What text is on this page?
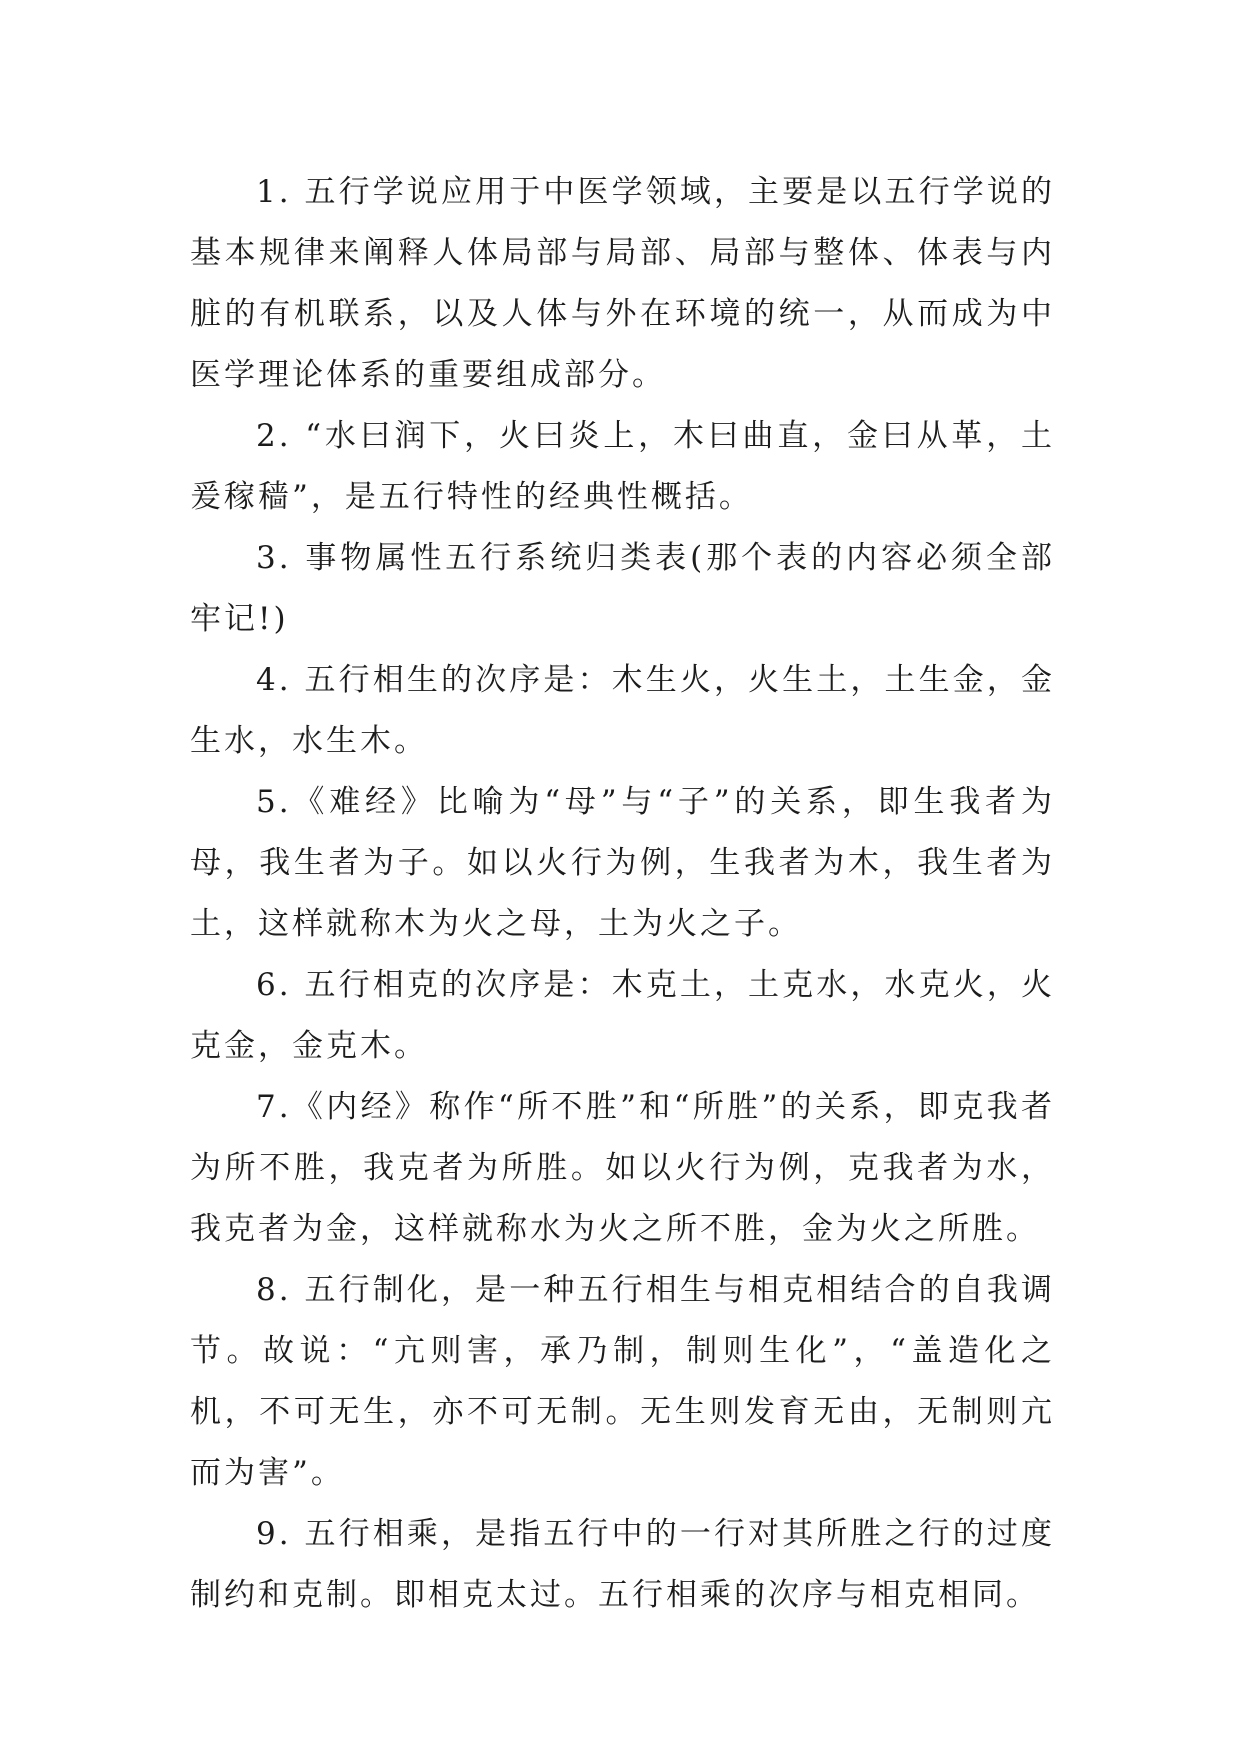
1. 五行学说应用于中医学领域，主要是以五行学说的基本规律来阐释人体局部与局部、局部与整体、体表与内脏的有机联系，以及人体与外在环境的统一，从而成为中医学理论体系的重要组成部分。

2. “水曰润下，火曰炎上，木曰曲直，金曰从革，土爰稼穑”，是五行特性的经典性概括。

3. 事物属性五行系统归类表(那个表的内容必须全部牢记!)

4. 五行相生的次序是：木生火，火生土，土生金，金生水，水生木。

5.《难经》比喻为“母”与“子”的关系，即生我者为母，我生者为子。如以火行为例，生我者为木，我生者为土，这样就称木为火之母，土为火之子。

6. 五行相克的次序是：木克土，土克水，水克火，火克金，金克木。

7.《内经》称作“所不胜”和“所胜”的关系，即克我者为所不胜，我克者为所胜。如以火行为例，克我者为水，我克者为金，这样就称水为火之所不胜，金为火之所胜。

8. 五行制化，是一种五行相生与相克相结合的自我调节。故说：“亢则害，承乃制，制则生化”，“盖造化之机，不可无生，亦不可无制。无生则发育无由，无制则亢而为害”。

9. 五行相乘，是指五行中的一行对其所胜之行的过度制约和克制。即相克太过。五行相乘的次序与相克相同。
